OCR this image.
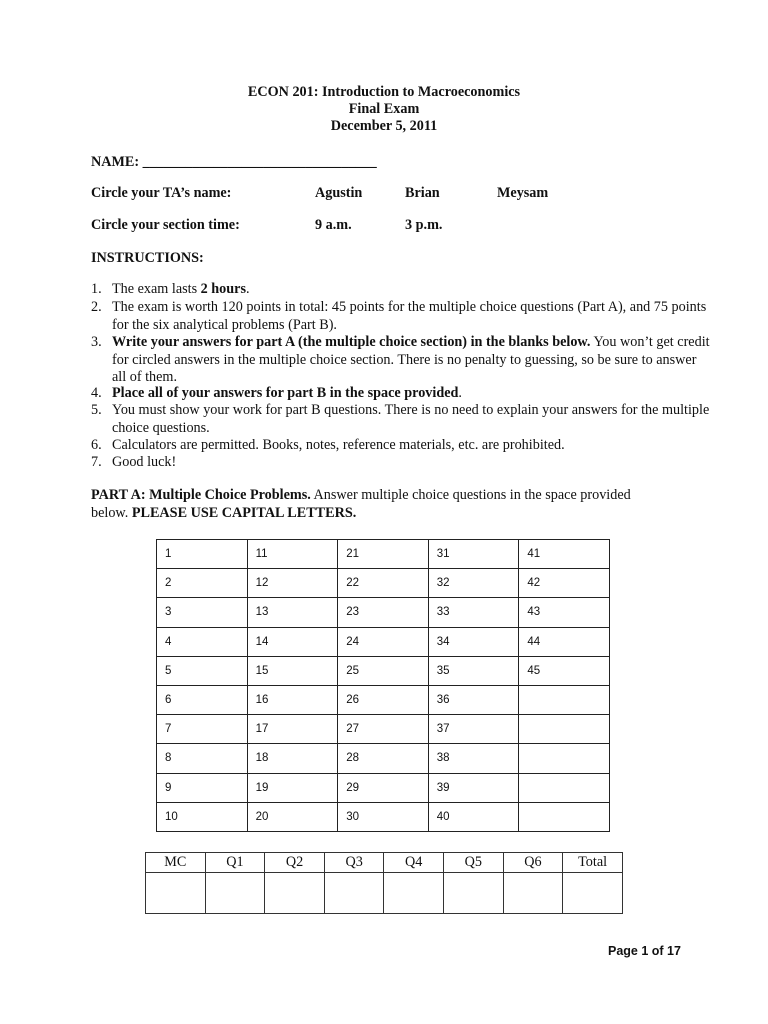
ECON 201: Introduction to Macroeconomics
Final Exam
December 5, 2011
NAME: _________________________________
Circle your TA’s name:	Agustin	Brian	Meysam
Circle your section time:	9 a.m.	3 p.m.
INSTRUCTIONS:
1. The exam lasts 2 hours.
2. The exam is worth 120 points in total: 45 points for the multiple choice questions (Part A), and 75 points for the six analytical problems (Part B).
3. Write your answers for part A (the multiple choice section) in the blanks below. You won’t get credit for circled answers in the multiple choice section. There is no penalty to guessing, so be sure to answer all of them.
4. Place all of your answers for part B in the space provided.
5. You must show your work for part B questions. There is no need to explain your answers for the multiple choice questions.
6. Calculators are permitted. Books, notes, reference materials, etc. are prohibited.
7. Good luck!
PART A: Multiple Choice Problems. Answer multiple choice questions in the space provided below. PLEASE USE CAPITAL LETTERS.
1	11	21	31	41
2	12	22	32	42
3	13	23	33	43
4	14	24	34	44
5	15	25	35	45
6	16	26	36	
7	17	27	37	
8	18	28	38	
9	19	29	39	
10	20	30	40	
MC	Q1	Q2	Q3	Q4	Q5	Q6	Total

Page 1 of 17
